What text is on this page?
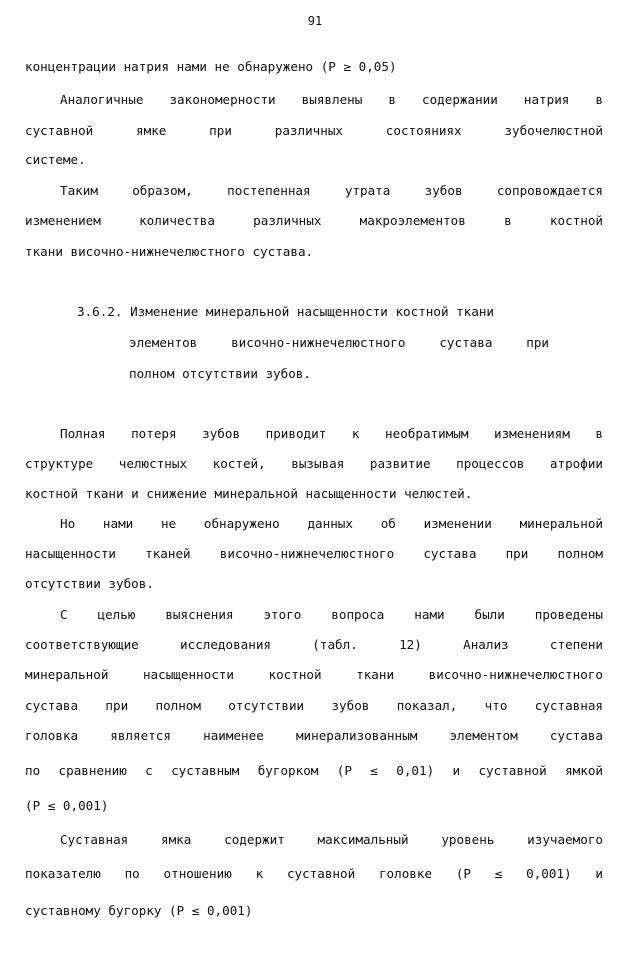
91

концентрации натрия нами не обнаружено (P ≥ 0,05)

Аналогичные закономерности выявлены в содержании натрия в

суставной ямке при различных состояниях зубочелюстной

системе.

Таким образом, постепенная утрата зубов сопровождается

изменением количества различных макроэлементов в костной

ткани височно-нижнечелюстного сустава.

3.6.2. Изменение минеральной насыщенности костной ткани

элементов височно-нижнечелюстного сустава при

полном отсутствии зубов.

Полная потеря зубов приводит к необратимым изменениям в

структуре челюстных костей, вызывая развитие процессов атрофии

костной ткани и снижение минеральной насыщенности челюстей.

Но нами не обнаружено данных об изменении минеральной

насыщенности тканей височно-нижнечелюстного сустава при полном

отсутствии зубов.

С целью выяснения этого вопроса нами были проведены

соответствующие исследования (табл. 12) Анализ степени

минеральной насыщенности костной ткани височно-нижнечелюстного

сустава при полном отсутствии зубов показал, что суставная

головка является наименее минерализованным элементом сустава

по сравнению с суставным бугорком (P ≤ 0,01) и суставной ямкой

(P ≤ 0,001)

Суставная ямка содержит максимальный уровень изучаемого

показателю по отношению к суставной головке (P ≤ 0,001) и

суставному бугорку (P ≤ 0,001)
